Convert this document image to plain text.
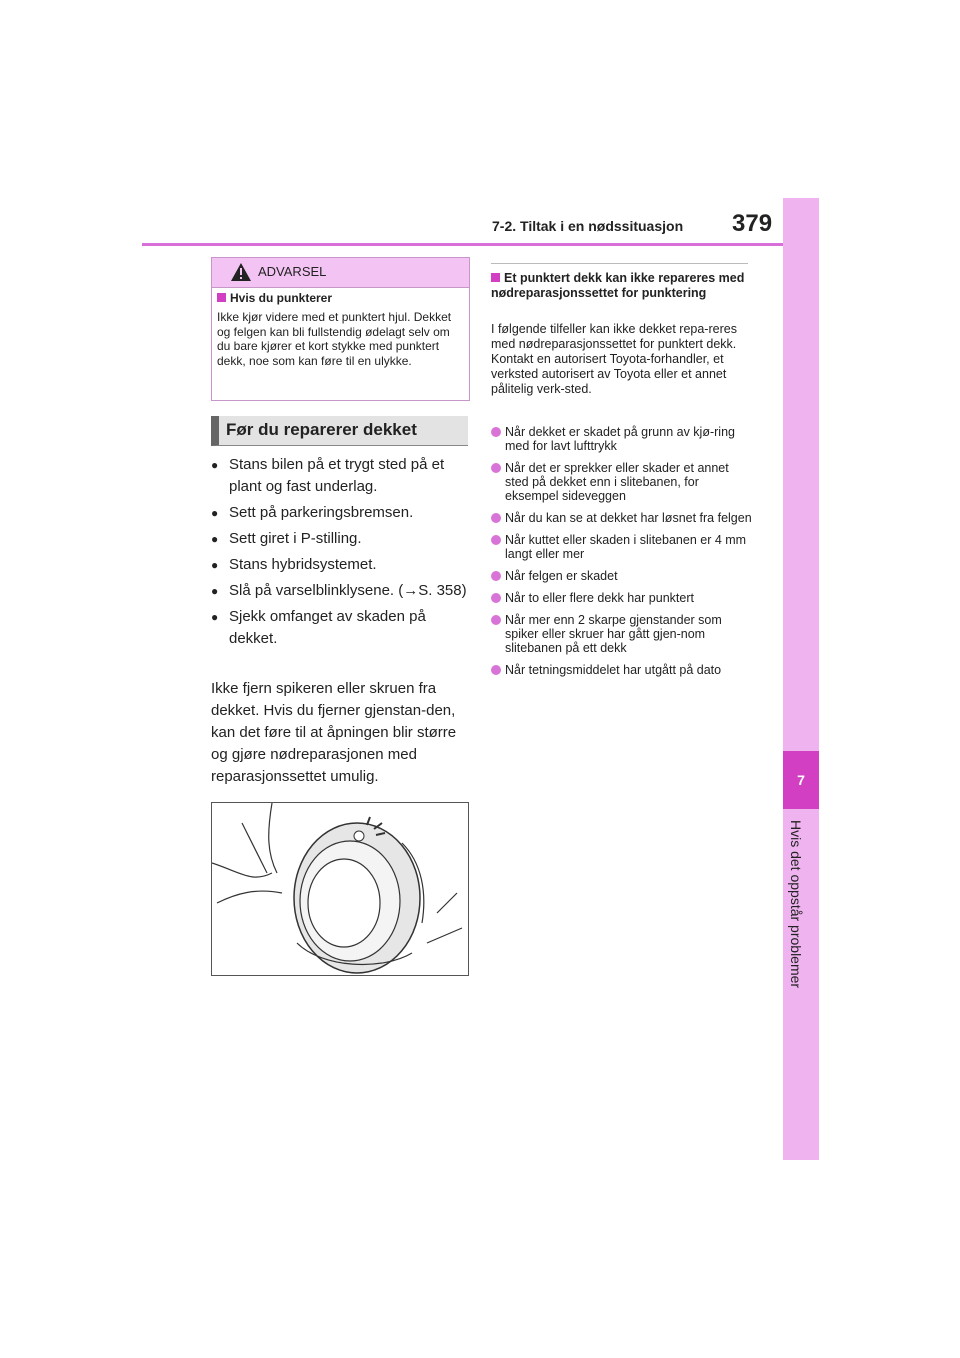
7-2. Tiltak i en nødssituasjon 379
7
Hvis det oppstår problemer
ADVARSEL
Hvis du punkterer
Ikke kjør videre med et punktert hjul. Dekket og felgen kan bli fullstendig ødelagt selv om du bare kjører et kort stykke med punktert dekk, noe som kan føre til en ulykke.
Før du reparerer dekket
● Stans bilen på et trygt sted på et plant og fast underlag.
● Sett på parkeringsbremsen.
● Sett giret i P-stilling.
● Stans hybridsystemet.
● Slå på varselblinklysene. (→S. 358)
● Sjekk omfanget av skaden på dekket.
Ikke fjern spikeren eller skruen fra dekket. Hvis du fjerner gjenstan-den, kan det føre til at åpningen blir større og gjøre nødreparasjonen med reparasjonssettet umulig.
Et punktert dekk kan ikke repareres med nødreparasjonssettet for punktering
I følgende tilfeller kan ikke dekket repa-reres med nødreparasjonssettet for punktert dekk. Kontakt en autorisert Toyota-forhandler, et verksted autorisert av Toyota eller et annet pålitelig verk-sted.
Når dekket er skadet på grunn av kjø-ring med for lavt lufttrykk
Når det er sprekker eller skader et annet sted på dekket enn i slitebanen, for eksempel sideveggen
Når du kan se at dekket har løsnet fra felgen
Når kuttet eller skaden i slitebanen er 4 mm langt eller mer
Når felgen er skadet
Når to eller flere dekk har punktert
Når mer enn 2 skarpe gjenstander som spiker eller skruer har gått gjen-nom slitebanen på ett dekk
Når tetningsmiddelet har utgått på dato
